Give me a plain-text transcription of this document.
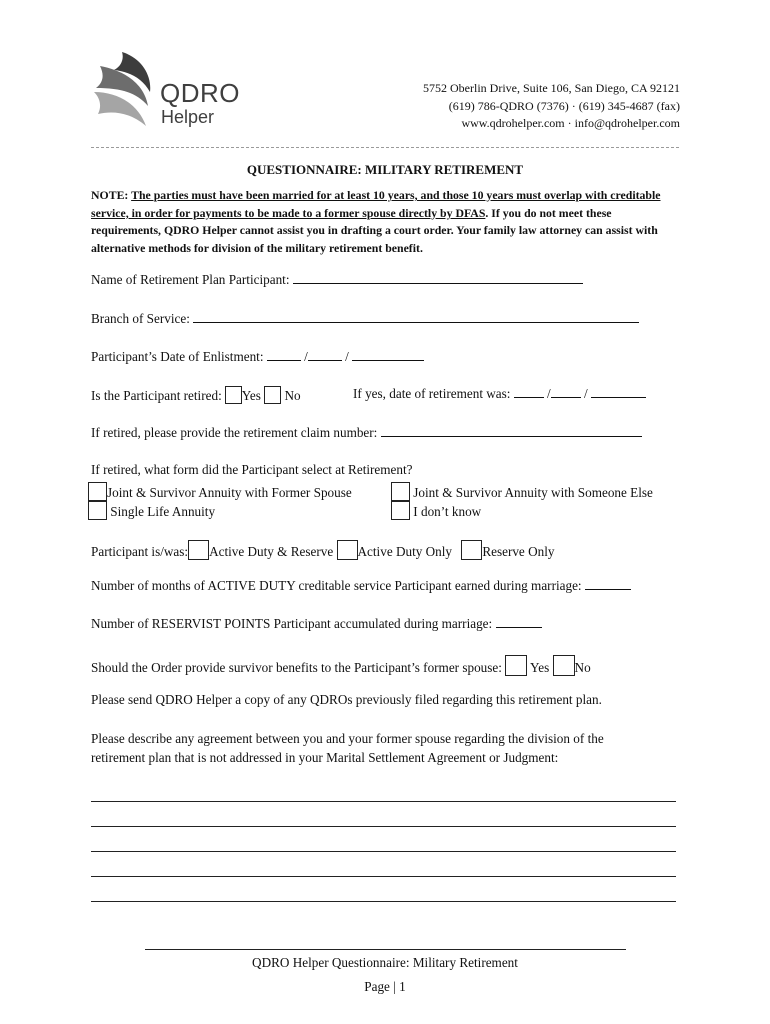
QDRO
Helper
5752 Oberlin Drive, Suite 106, San Diego, CA 92121
(619) 786-QDRO (7376) · (619) 345-4687 (fax)
www.qdrohelper.com · info@qdrohelper.com
QUESTIONNAIRE: MILITARY RETIREMENT
NOTE: The parties must have been married for at least 10 years, and those 10 years must overlap with creditable service, in order for payments to be made to a former spouse directly by DFAS. If you do not meet these requirements, QDRO Helper cannot assist you in drafting a court order. Your family law attorney can assist with alternative methods for division of the military retirement benefit.
Name of Retirement Plan Participant:
Branch of Service:
Participant’s Date of Enlistment:	/	/
Is the Participant retired: Yes No	If yes, date of retirement was:	/	/
If retired, please provide the retirement claim number:
If retired, what form did the Participant select at Retirement?
Joint & Survivor Annuity with Former Spouse	Joint & Survivor Annuity with Someone Else
Single Life Annuity	I don’t know
Participant is/was: Active Duty & Reserve Active Duty Only Reserve Only
Number of months of ACTIVE DUTY creditable service Participant earned during marriage:
Number of RESERVIST POINTS Participant accumulated during marriage:
Should the Order provide survivor benefits to the Participant’s former spouse: Yes No
Please send QDRO Helper a copy of any QDROs previously filed regarding this retirement plan.
Please describe any agreement between you and your former spouse regarding the division of the
retirement plan that is not addressed in your Marital Settlement Agreement or Judgment:
QDRO Helper Questionnaire: Military Retirement
Page | 1
